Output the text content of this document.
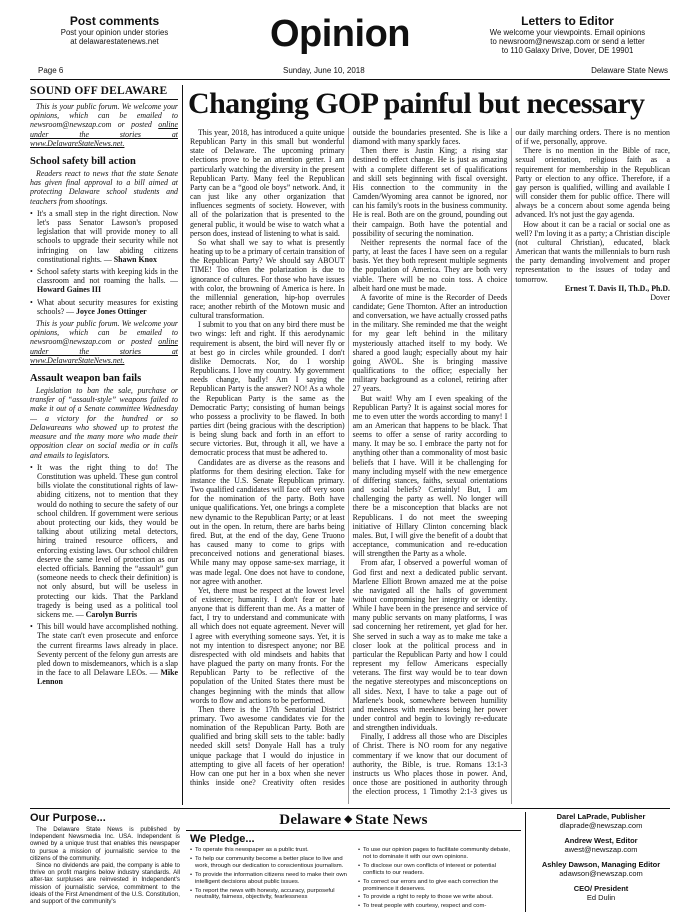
Post comments
Post your opinion under stories
at delawarestatenews.net	Opinion	Letters to Editor
We welcome your viewpoints. Email opinions
to newsroom@newszap.com or send a letter
to 110 Galaxy Drive, Dover, DE 19901
Page 6	Sunday, June 10, 2018	Delaware State News
SOUND OFF DELAWARE

This is your public forum. We welcome your opinions, which can be emailed to newsroom@newszap.com or posted online under the stories at www.DelawareStateNews.net.

School safety bill action

Readers react to news that the state Senate has given final approval to a bill aimed at protecting Delaware school students and teachers from shootings.

• It's a small step in the right direction. Now let's pass Senator Lawson's proposed legislation that will provide money to all schools to upgrade their security while not infringing on law abiding citizens constitutional rights. — Shawn Knox
• School safety starts with keeping kids in the classroom and not roaming the halls. — Howard Gaines III
• What about security measures for existing schools? — Joyce Jones Ottinger

This is your public forum. We welcome your opinions, which can be emailed to newsroom@newszap.com or posted online under the stories at www.DelawareStateNews.net.

Assault weapon ban fails

Legislation to ban the sale, purchase or transfer of “assault-style” weapons failed to make it out of a Senate committee Wednesday — a victory for the hundred or so Delawareans who showed up to protest the measure and the many more who made their opposition clear on social media or in calls and emails to legislators.

• It was the right thing to do! The Constitution was upheld. These gun control bills violate the constitutional rights of law-abiding citizens, not to mention that they would do nothing to secure the safety of our school children. If government were serious about protecting our kids, they would be talking about utilizing metal detectors, hiring trained resource officers, and enforcing existing laws. Our school children deserve the same level of protection as our elected officials. Banning the “assault” gun (someone needs to check their definition) is not only absurd, but will be useless in protecting our kids. That the Parkland tragedy is being used as a political tool sickens me. — Carolyn Burris
• This bill would have accomplished nothing. The state can't even prosecute and enforce the current firearms laws already in place. Seventy percent of the felony gun arrests are pled down to misdemeanors, which is a slap in the face to all Delaware LEOs. — Mike Lennon
Changing GOP painful but necessary

This year, 2018, has introduced a quite unique Republican Party in this small but wonderful state of Delaware. The upcoming primary elections prove to be an attention getter. I am particularly watching the diversity in the present Republican Party. Many feel the Republican Party can be a “good ole boys” network. And, it can just like any other organization that influences segments of society. However, with all of the polarization that is presented to the general public, it would be wise to watch what a person does, instead of listening to what is said.

So what shall we say to what is presently heating up to be a primary of certain transition of the Republican Party? We should say ABOUT TIME! Too often the polarization is due to ignorance of cultures. For those who have issues with color, the browning of America is here. In the millennial generation, hip-hop overrules race; another rebirth of the Motown music and cultural transformation.

I submit to you that on any bird there must be two wings: left and right. If this aerodynamic requirement is absent, the bird will never fly or at best go in circles while grounded. I don't dislike Democrats. Nor, do I worship Republicans. I love my country. My government needs change, badly! Am I saying the Republican Party is the answer? NO! As a whole the Republican Party is the same as the Democratic Party; consisting of human beings who possess a proclivity to be flawed. In both parties dirt (being gracious with the description) is being slung back and forth in an effort to secure victories. But, through it all, we have a democratic process that must be adhered to.

Candidates are as diverse as the reasons and platforms for them desiring election. Take for instance the U.S. Senate Republican primary. Two qualified candidates will face off very soon for the nomination of the party. Both have unique qualifications. Yet, one brings a complete new dynamic to the Republican Party; or at least out in the open. In return, there are barbs being fired. But, at the end of the day, Gene Truono has caused many to come to grips with preconceived notions and generational biases. While many may oppose same-sex marriage, it was made legal. One does not have to condone, nor agree with another.

Yet, there must be respect at the lowest level of existence; humanity. I don't fear or hate anyone that is different than me. As a matter of fact, I try to understand and communicate with all which does not equate agreement. Never will I agree with everything someone says. Yet, it is not my intention to disrespect anyone; nor BE disrespected with old mindsets and habits that have plagued the party on many fronts. For the Republican Party to be reflective of the population of the United States there must be changes beginning with the minds that allow words to flow and actions to be performed.

Then there is the 17th Senatorial District primary. Two awesome candidates vie for the nomination of the Republican Party. Both are qualified and bring skill sets to the table: badly needed skill sets! Donyale Hall has a truly unique package that I would do injustice in attempting to give all facets of her operation! How can one put her in a box when she never thinks inside one? Creativity often resides outside the boundaries presented. She is like a diamond with many sparkly faces.

Then there is Justin King; a rising star destined to effect change. He is just as amazing with a complete different set of qualifications and skill sets beginning with fiscal oversight. His connection to the community in the Camden/Wyoming area cannot be ignored, nor can his family's roots in the business community. He is real. Both are on the ground, pounding out their campaign. Both have the potential and possibility of securing the nomination.

Neither represents the normal face of the party, at least the faces I have seen on a regular basis. Yet they both represent multiple segments the population of America. They are both very viable. There will be no coin toss. A choice albeit hard one must be made.

A favorite of mine is the Recorder of Deeds candidate; Gene Thornton. After an introduction and conversation, we have actually crossed paths in the military. She reminded me that the weight for my gear left behind in the military mysteriously attached itself to my body. We shared a good laugh; especially about my hair going AWOL. She is bringing massive qualifications to the office; especially her military background as a colonel, retiring after 27 years.

But wait! Why am I even speaking of the Republican Party? It is against social mores for me to even utter the words according to many! I am an American that happens to be black. That seems to offer a sense of rarity according to many. It may be so. I embrace the party not for anything other than a commonality of most basic beliefs that I have. Will it be challenging for many including myself with the new emergence of differing stances, faiths, sexual orientations and social beliefs? Certainly! But, I am challenging the party as well. No longer will there be a misconception that blacks are not Republicans. I do not meet the sweeping initiative of Hillary Clinton concerning black males. But, I will give the benefit of a doubt that acceptance, communication and re-education will strengthen the Party as a whole.

From afar, I observed a powerful woman of God first and next a dedicated public servant. Marlene Elliott Brown amazed me at the poise she navigated all the halls of government without compromising her integrity or identity. While I have been in the presence and service of many public servants on many platforms, I was sad concerning her retirement, yet glad for her. She served in such a way as to make me take a closer look at the political process and in particular the Republican Party and how I could represent my fellow Americans especially veterans. The first way would be to tear down the negative stereotypes and misconceptions on all sides. Next, I have to take a page out of Marlene's book, somewhere between humility and meekness with meekness being her power under control and begin to lovingly re-educate and strengthen individuals.

Finally, I address all those who are Disciples of Christ. There is NO room for any negative commentary if we know that our document of authority, the Bible, is true. Romans 13:1-3 instructs us Who places those in power. And, once those are positioned in authority through the election process, 1 Timothy 2:1-3 gives us our daily marching orders. There is no mention of if we, personally, approve.

There is no mention in the Bible of race, sexual orientation, religious faith as a requirement for membership in the Republican Party or election to any office. Therefore, if a gay person is qualified, willing and available I will consider them for public office. There will always be a concern about some agenda being advanced. It's not just the gay agenda.

How about it can be a racial or social one as well? I'm loving it as a party; a Christian disciple (not cultural Christian), educated, black American that wants the millennials to burn rush the party demanding involvement and proper representation to the issues of today and tomorrow.

Ernest T. Davis II, Th.D., Ph.D.
Dover
Our Purpose...

The Delaware State News is published by Independent Newsmedia Inc. USA. Independent is owned by a unique trust that enables this newspaper to pursue a mission of journalistic service to the citizens of the community.

Since no dividends are paid, the company is able to thrive on profit margins below industry standards. All after-tax surpluses are reinvested in Independent's mission of journalistic service, commitment to the ideals of the First Amendment of the U.S. Constitution, and support of the community's

Delaware ◆ State News
We Pledge...
• To operate this newspaper as a public trust.
• To help our community become a better place to live and work, through our dedication to conscientious journalism.
• To provide the information citizens need to make their own intelligent decisions about public issues.
• To report the news with honesty, accuracy, purposeful neutrality, fairness, objectivity, fearlessness
• To use our opinion pages to facilitate community debate, not to dominate it with our own opinions.
• To disclose our own conflicts of interest or potential conflicts to our readers.
• To correct our errors and to give each correction the prominence it deserves.
• To provide a right to reply to those we write about.
• To treat people with courtesy, respect and com-
Darel LaPrade, Publisher
dlaprade@newszap.com
Andrew West, Editor
awest@newszap.com
Ashley Dawson, Managing Editor
adawson@newszap.com
CEO/ President
Ed Dulin
